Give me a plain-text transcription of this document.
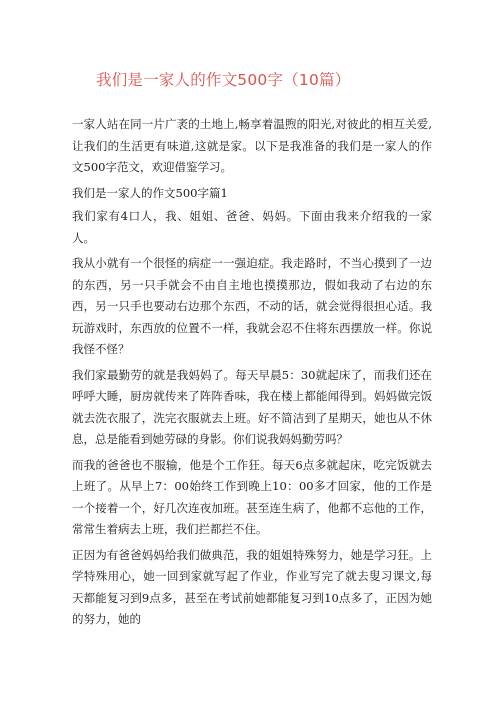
我们是一家人的作文500字（10篇）

一家人站在同一片广袤的土地上,畅享着温煦的阳光,对彼此的相互关爱,让我们的生活更有味道,这就是家。以下是我准备的我们是一家人的作文500字范文，欢迎借鉴学习。

我们是一家人的作文500字篇1

我们家有4口人，我、姐姐、爸爸、妈妈。下面由我来介绍我的一家人。

我从小就有一个很怪的病症一一强迫症。我走路时，不当心摸到了一边的东西，另一只手就会不由自主地也摸摸那边，假如我动了右边的东西，另一只手也要动右边那个东西，不动的话，就会觉得很担心适。我玩游戏时，东西放的位置不一样，我就会忍不住将东西摆放一样。你说我怪不怪？

我们家最勤劳的就是我妈妈了。每天早晨5：30就起床了，而我们还在呼呼大睡，厨房就传来了阵阵香味，我在楼上都能闻得到。妈妈做完饭就去洗衣服了，洗完衣服就去上班。好不简洁到了星期天，她也从不休息，总是能看到她劳碌的身影。你们说我妈妈勤劳吗？

而我的爸爸也不服输，他是个工作狂。每天6点多就起床，吃完饭就去上班了。从早上7：00始终工作到晚上10：00多才回家，他的工作是一个接着一个，好几次连夜加班。甚至连生病了，他都不忘他的工作，常常生着病去上班，我们拦都拦不住。

正因为有爸爸妈妈给我们做典范，我的姐姐特殊努力，她是学习狂。上学特殊用心，她一回到家就写起了作业，作业写完了就去叟习课文,每天都能复习到9点多，甚至在考试前她都能复习到10点多了，正因为她的努力，她的
